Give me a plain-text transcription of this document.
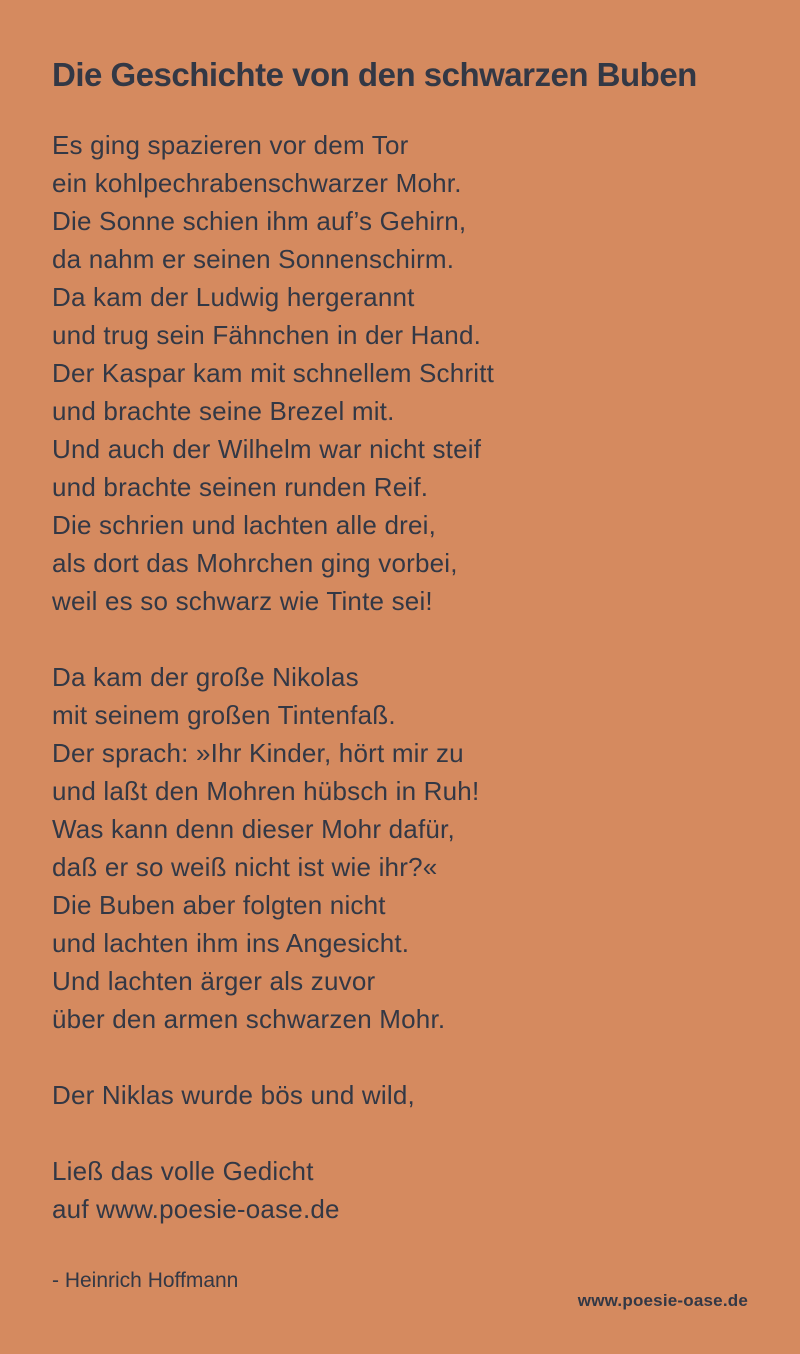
Die Geschichte von den schwarzen Buben
Es ging spazieren vor dem Tor
ein kohlpechrabenschwarzer Mohr.
Die Sonne schien ihm auf’s Gehirn,
da nahm er seinen Sonnenschirm.
Da kam der Ludwig hergerannt
und trug sein Fähnchen in der Hand.
Der Kaspar kam mit schnellem Schritt
und brachte seine Brezel mit.
Und auch der Wilhelm war nicht steif
und brachte seinen runden Reif.
Die schrien und lachten alle drei,
als dort das Mohrchen ging vorbei,
weil es so schwarz wie Tinte sei!
Da kam der große Nikolas
mit seinem großen Tintenfaß.
Der sprach: »Ihr Kinder, hört mir zu
und laßt den Mohren hübsch in Ruh!
Was kann denn dieser Mohr dafür,
daß er so weiß nicht ist wie ihr?«
Die Buben aber folgten nicht
und lachten ihm ins Angesicht.
Und lachten ärger als zuvor
über den armen schwarzen Mohr.
Der Niklas wurde bös und wild,
Ließ das volle Gedicht
auf www.poesie-oase.de
- Heinrich Hoffmann
www.poesie-oase.de
